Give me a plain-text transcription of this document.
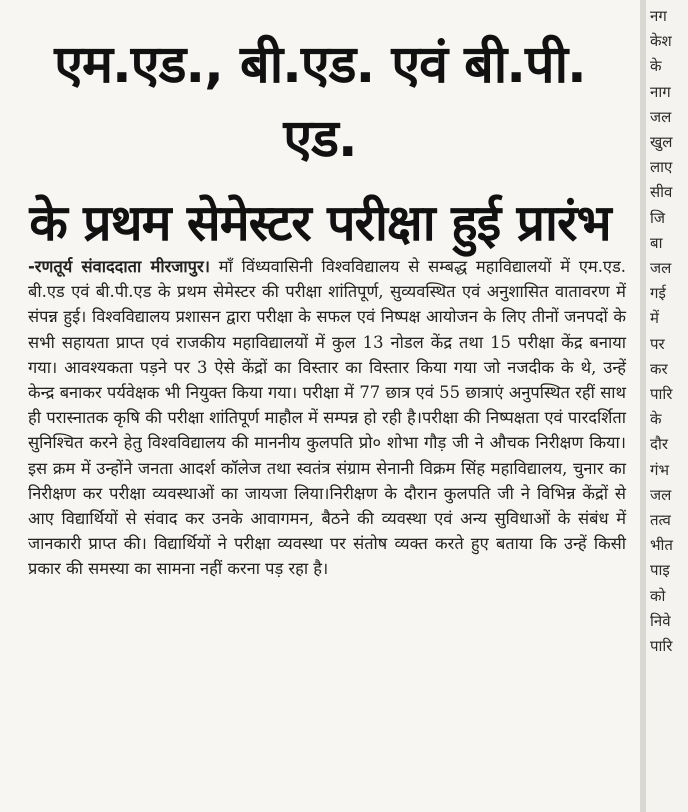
एम.एड., बी.एड. एवं बी.पी. एड.
के प्रथम सेमेस्टर परीक्षा हुई प्रारंभ
-रणतूर्य संवाददाता मीरजापुर। माँ विंध्यवासिनी विश्वविद्यालय से सम्बद्ध महाविद्यालयों में एम.एड. बी.एड एवं बी.पी.एड के प्रथम सेमेस्टर की परीक्षा शांतिपूर्ण, सुव्यवस्थित एवं अनुशासित वातावरण में संपन्न हुई। विश्वविद्यालय प्रशासन द्वारा परीक्षा के सफल एवं निष्पक्ष आयोजन के लिए तीनों जनपदों के सभी सहायता प्राप्त एवं राजकीय महाविद्यालयों में कुल 13 नोडल केंद्र तथा 15 परीक्षा केंद्र बनाया गया। आवश्यकता पड़ने पर 3 ऐसे केंद्रों का विस्तार का विस्तार किया गया जो नजदीक के थे, उन्हें केन्द्र बनाकर पर्यवेक्षक भी नियुक्त किया गया। परीक्षा में 77 छात्र एवं 55 छात्राएं अनुपस्थित रहीं साथ ही परास्नातक कृषि की परीक्षा शांतिपूर्ण माहौल में सम्पन्न हो रही है।परीक्षा की निष्पक्षता एवं पारदर्शिता सुनिश्चित करने हेतु विश्वविद्यालय की माननीय कुलपति प्रो० शोभा गौड़ जी ने औचक निरीक्षण किया। इस क्रम में उन्होंने जनता आदर्श कॉलेज तथा स्वतंत्र संग्राम सेनानी विक्रम सिंह महाविद्यालय, चुनार का निरीक्षण कर परीक्षा व्यवस्थाओं का जायजा लिया।निरीक्षण के दौरान कुलपति जी ने विभिन्न केंद्रों से आए विद्यार्थियों से संवाद कर उनके आवागमन, बैठने की व्यवस्था एवं अन्य सुविधाओं के संबंध में जानकारी प्राप्त की। विद्यार्थियों ने परीक्षा व्यवस्था पर संतोष व्यक्त करते हुए बताया कि उन्हें किसी प्रकार की समस्या का सामना नहीं करना पड़ रहा है।
नग
केश
के
नाग
जल
खुल
लाए
सीव
जि
बा
जल
गई
में
पर
कर
पारि
के
दौर
गंभ
जल
तत्व
भीत
पाइ
को
निवे
पारि
